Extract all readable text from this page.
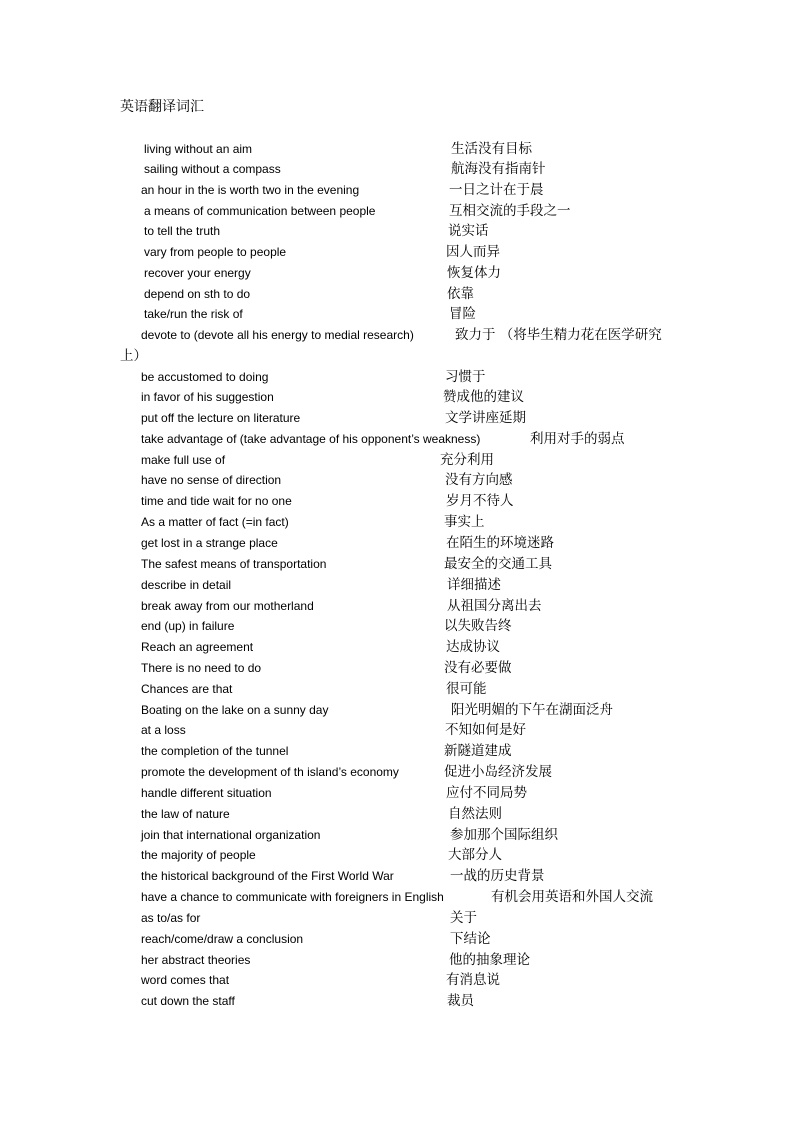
英语翻译词汇
living without an aim	生活没有目标
sailing without a compass	航海没有指南针
an hour in the is worth two in the evening	一日之计在于晨
a means of communication between people	互相交流的手段之一
to tell the truth	说实话
vary from people to people	因人而异
recover your energy	恢复体力
depend on sth to do	依靠
take/run the risk of	冒险
devote to (devote all his energy to medial research)	致力于 （将毕生精力花在医学研究
上）
be accustomed to doing	习惯于
in favor of his suggestion	赞成他的建议
put off the lecture on literature	文学讲座延期
take advantage of (take advantage of his opponent’s weakness)	利用对手的弱点
make full use of	充分利用
have no sense of direction	没有方向感
time and tide wait for no one	岁月不待人
As a matter of fact (=in fact)	事实上
get lost in a strange place	在陌生的环境迷路
The safest means of transportation	最安全的交通工具
describe in detail	详细描述
break away from our motherland	从祖国分离出去
end (up) in failure	以失败告终
Reach an agreement	达成协议
There is no need to do	没有必要做
Chances are that	很可能
Boating on the lake on a sunny day	阳光明媚的下午在湖面泛舟
at a loss	不知如何是好
the completion of the tunnel	新隧道建成
promote the development of th island’s economy	促进小岛经济发展
handle different situation	应付不同局势
the law of nature	自然法则
join that international organization	参加那个国际组织
the majority of people	大部分人
the historical background of the First World War	一战的历史背景
have a chance to communicate with foreigners in English	有机会用英语和外国人交流
as to/as for	关于
reach/come/draw a conclusion	下结论
her abstract theories	他的抽象理论
word comes that	有消息说
cut down the staff	裁员
